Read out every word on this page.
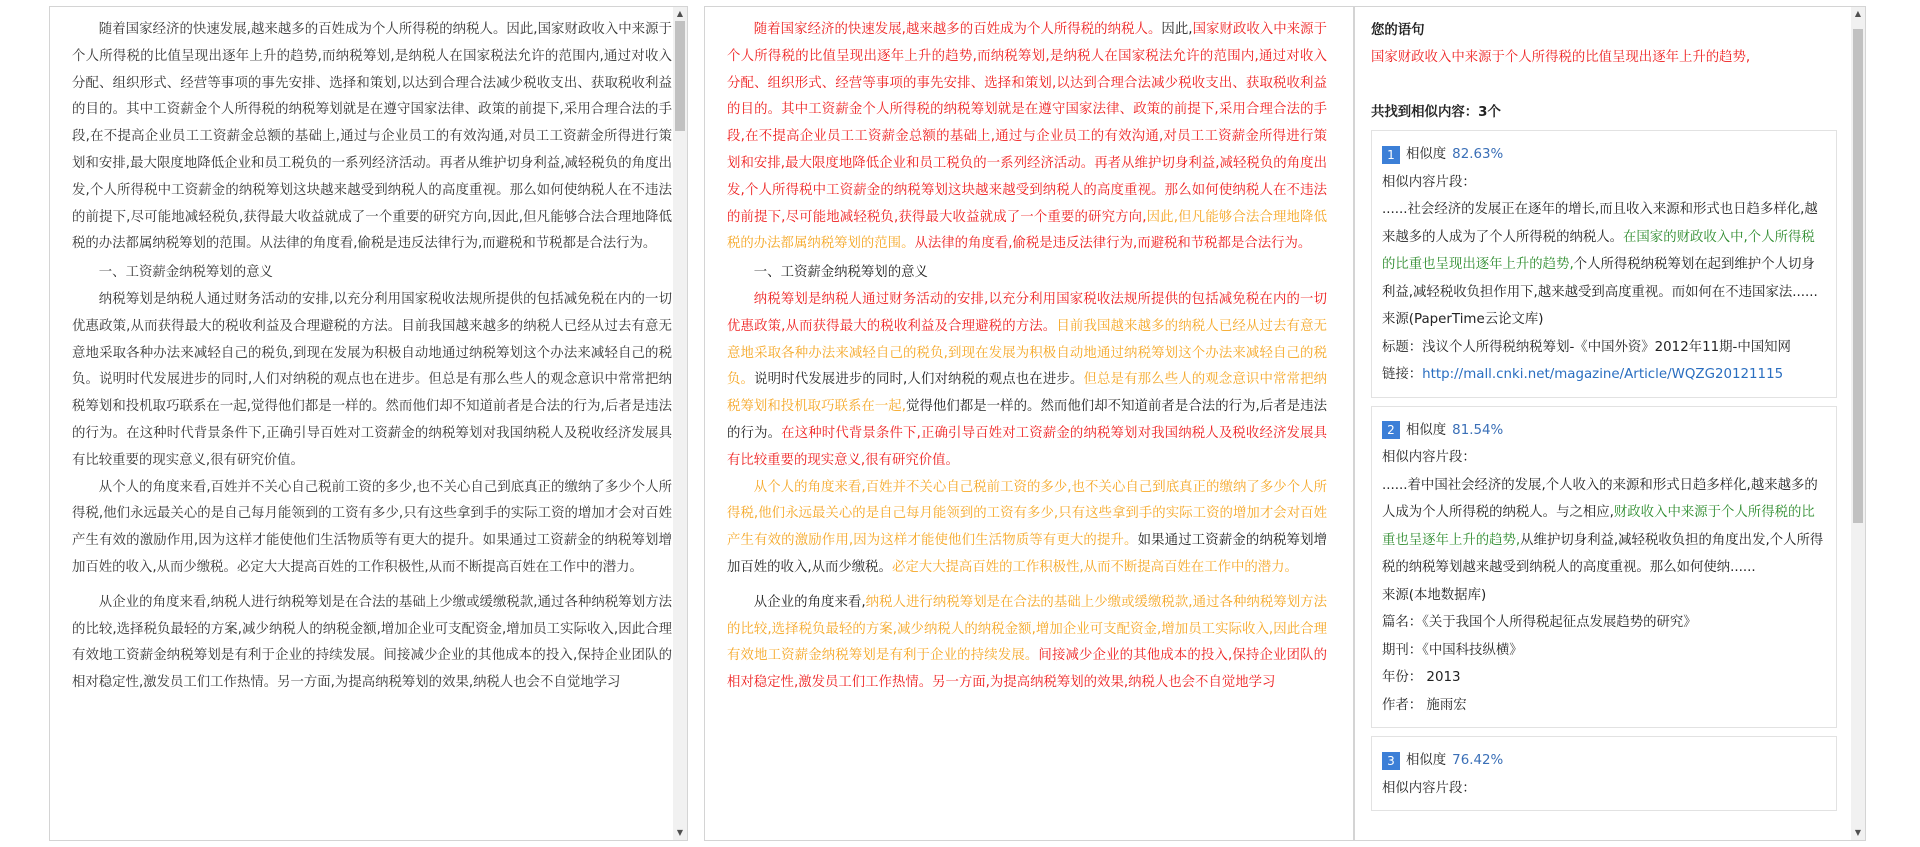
随着国家经济的快速发展,越来越多的百姓成为个人所得税的纳税人。因此,国家财政收入中来源于个人所得税的比值呈现出逐年上升的趋势,而纳税筹划,是纳税人在国家税法允许的范围内,通过对收入分配、组织形式、经营等事项的事先安排、选择和策划,以达到合理合法减少税收支出、获取税收利益的目的。其中工资薪金个人所得税的纳税筹划就是在遵守国家法律、政策的前提下,采用合理合法的手段,在不提高企业员工工资薪金总额的基础上,通过与企业员工的有效沟通,对员工工资薪金所得进行策划和安排,最大限度地降低企业和员工税负的一系列经济活动。再者从维护切身利益,减轻税负的角度出发,个人所得税中工资薪金的纳税筹划这块越来越受到纳税人的高度重视。那么如何使纳税人在不违法的前提下,尽可能地减轻税负,获得最大收益就成了一个重要的研究方向,因此,但凡能够合法合理地降低税的办法都属纳税筹划的范围。从法律的角度看,偷税是违反法律行为,而避税和节税都是合法行为。

一、工资薪金纳税筹划的意义

纳税筹划是纳税人通过财务活动的安排,以充分利用国家税收法规所提供的包括减免税在内的一切优惠政策,从而获得最大的税收利益及合理避税的方法。目前我国越来越多的纳税人已经从过去有意无意地采取各种办法来减轻自己的税负,到现在发展为积极自动地通过纳税筹划这个办法来减轻自己的税负。说明时代发展进步的同时,人们对纳税的观点也在进步。但总是有那么些人的观念意识中常常把纳税筹划和投机取巧联系在一起,觉得他们都是一样的。然而他们却不知道前者是合法的行为,后者是违法的行为。在这种时代背景条件下,正确引导百姓对工资薪金的纳税筹划对我国纳税人及税收经济发展具有比较重要的现实意义,很有研究价值。

从个人的角度来看,百姓并不关心自己税前工资的多少,也不关心自己到底真正的缴纳了多少个人所得税,他们永远最关心的是自己每月能领到的工资有多少,只有这些拿到手的实际工资的增加才会对百姓产生有效的激励作用,因为这样才能使他们生活物质等有更大的提升。如果通过工资薪金的纳税筹划增加百姓的收入,从而少缴税。必定大大提高百姓的工作积极性,从而不断提高百姓在工作中的潜力。

从企业的角度来看,纳税人进行纳税筹划是在合法的基础上少缴或缓缴税款,通过各种纳税筹划方法的比较,选择税负最轻的方案,减少纳税人的纳税金额,增加企业可支配资金,增加员工实际收入,因此合理有效地工资薪金纳税筹划是有利于企业的持续发展。间接减少企业的其他成本的投入,保持企业团队的相对稳定性,激发员工们工作热情。另一方面,为提高纳税筹划的效果,纳税人也会不自觉地学习

▲
▼

随着国家经济的快速发展,越来越多的百姓成为个人所得税的纳税人。因此,国家财政收入中来源于个人所得税的比值呈现出逐年上升的趋势,而纳税筹划,是纳税人在国家税法允许的范围内,通过对收入分配、组织形式、经营等事项的事先安排、选择和策划,以达到合理合法减少税收支出、获取税收利益的目的。其中工资薪金个人所得税的纳税筹划就是在遵守国家法律、政策的前提下,采用合理合法的手段,在不提高企业员工工资薪金总额的基础上,通过与企业员工的有效沟通,对员工工资薪金所得进行策划和安排,最大限度地降低企业和员工税负的一系列经济活动。再者从维护切身利益,减轻税负的角度出发,个人所得税中工资薪金的纳税筹划这块越来越受到纳税人的高度重视。那么如何使纳税人在不违法的前提下,尽可能地减轻税负,获得最大收益就成了一个重要的研究方向,因此,但凡能够合法合理地降低税的办法都属纳税筹划的范围。从法律的角度看,偷税是违反法律行为,而避税和节税都是合法行为。

一、工资薪金纳税筹划的意义

纳税筹划是纳税人通过财务活动的安排,以充分利用国家税收法规所提供的包括减免税在内的一切优惠政策,从而获得最大的税收利益及合理避税的方法。目前我国越来越多的纳税人已经从过去有意无意地采取各种办法来减轻自己的税负,到现在发展为积极自动地通过纳税筹划这个办法来减轻自己的税负。说明时代发展进步的同时,人们对纳税的观点也在进步。但总是有那么些人的观念意识中常常把纳税筹划和投机取巧联系在一起,觉得他们都是一样的。然而他们却不知道前者是合法的行为,后者是违法的行为。在这种时代背景条件下,正确引导百姓对工资薪金的纳税筹划对我国纳税人及税收经济发展具有比较重要的现实意义,很有研究价值。

从个人的角度来看,百姓并不关心自己税前工资的多少,也不关心自己到底真正的缴纳了多少个人所得税,他们永远最关心的是自己每月能领到的工资有多少,只有这些拿到手的实际工资的增加才会对百姓产生有效的激励作用,因为这样才能使他们生活物质等有更大的提升。如果通过工资薪金的纳税筹划增加百姓的收入,从而少缴税。必定大大提高百姓的工作积极性,从而不断提高百姓在工作中的潜力。

从企业的角度来看,纳税人进行纳税筹划是在合法的基础上少缴或缓缴税款,通过各种纳税筹划方法的比较,选择税负最轻的方案,减少纳税人的纳税金额,增加企业可支配资金,增加员工实际收入,因此合理有效地工资薪金纳税筹划是有利于企业的持续发展。间接减少企业的其他成本的投入,保持企业团队的相对稳定性,激发员工们工作热情。另一方面,为提高纳税筹划的效果,纳税人也会不自觉地学习

您的语句
国家财政收入中来源于个人所得税的比值呈现出逐年上升的趋势,
共找到相似内容：3个
1 相似度 82.63%
相似内容片段：
......社会经济的发展正在逐年的增长,而且收入来源和形式也日趋多样化,越来越多的人成为了个人所得税的纳税人。在国家的财政收入中,个人所得税的比重也呈现出逐年上升的趋势,个人所得税纳税筹划在起到维护个人切身利益,减轻税收负担作用下,越来越受到高度重视。而如何在不违国家法......
来源(PaperTime云论文库)
标题：浅议个人所得税纳税筹划-《中国外资》2012年11期-中国知网
链接：http://mall.cnki.net/magazine/Article/WQZG20121115
2 相似度 81.54%
相似内容片段：
......着中国社会经济的发展,个人收入的来源和形式日趋多样化,越来越多的人成为个人所得税的纳税人。与之相应,财政收入中来源于个人所得税的比重也呈逐年上升的趋势,从维护切身利益,减轻税收负担的角度出发,个人所得税的纳税筹划越来越受到纳税人的高度重视。那么如何使纳......
来源(本地数据库)
篇名：《关于我国个人所得税起征点发展趋势的研究》
期刊：《中国科技纵横》
年份： 2013
作者： 施雨宏
3 相似度 76.42%
相似内容片段：
▲
▼
